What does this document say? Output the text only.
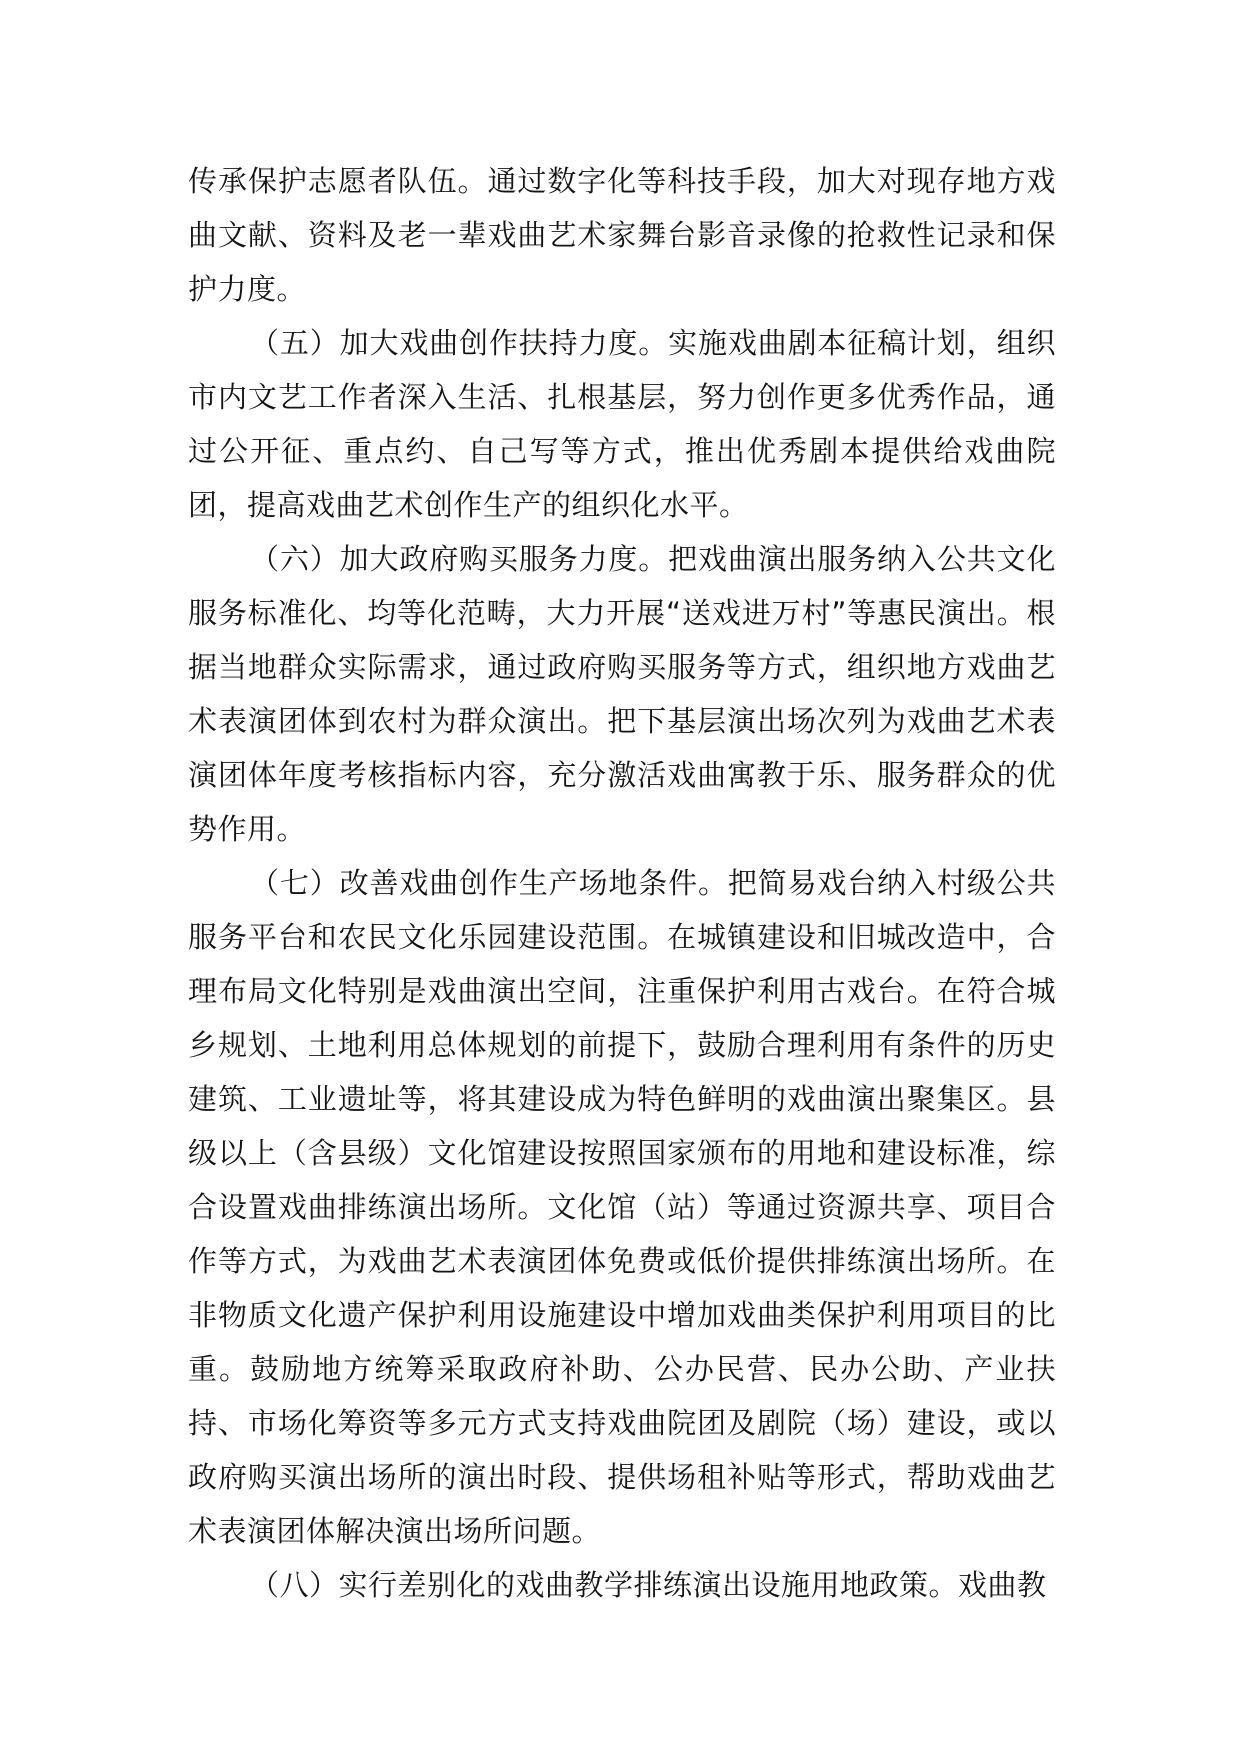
传承保护志愿者队伍。通过数字化等科技手段，加大对现存地方戏曲文献、资料及老一辈戏曲艺术家舞台影音录像的抢救性记录和保护力度。

（五）加大戏曲创作扶持力度。实施戏曲剧本征稿计划，组织市内文艺工作者深入生活、扎根基层，努力创作更多优秀作品，通过公开征、重点约、自己写等方式，推出优秀剧本提供给戏曲院团，提高戏曲艺术创作生产的组织化水平。

（六）加大政府购买服务力度。把戏曲演出服务纳入公共文化服务标准化、均等化范畴，大力开展“送戏进万村”等惠民演出。根据当地群众实际需求，通过政府购买服务等方式，组织地方戏曲艺术表演团体到农村为群众演出。把下基层演出场次列为戏曲艺术表演团体年度考核指标内容，充分激活戏曲寓教于乐、服务群众的优势作用。

（七）改善戏曲创作生产场地条件。把简易戏台纳入村级公共服务平台和农民文化乐园建设范围。在城镇建设和旧城改造中，合理布局文化特别是戏曲演出空间，注重保护利用古戏台。在符合城乡规划、土地利用总体规划的前提下，鼓励合理利用有条件的历史建筑、工业遗址等，将其建设成为特色鲜明的戏曲演出聚集区。县级以上（含县级）文化馆建设按照国家颁布的用地和建设标准，综合设置戏曲排练演出场所。文化馆（站）等通过资源共享、项目合作等方式，为戏曲艺术表演团体免费或低价提供排练演出场所。在非物质文化遗产保护利用设施建设中增加戏曲类保护利用项目的比重。鼓励地方统筹采取政府补助、公办民营、民办公助、产业扶持、市场化筹资等多元方式支持戏曲院团及剧院（场）建设，或以政府购买演出场所的演出时段、提供场租补贴等形式，帮助戏曲艺术表演团体解决演出场所问题。

（八）实行差别化的戏曲教学排练演出设施用地政策。戏曲教
